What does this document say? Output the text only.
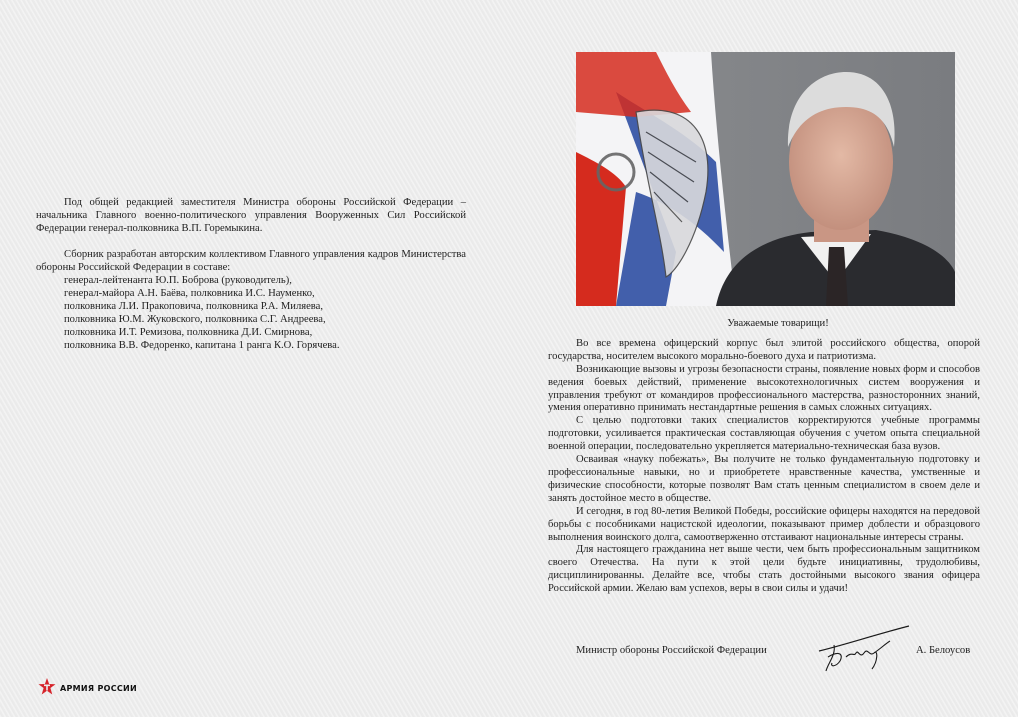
Под общей редакцией заместителя Министра обороны Российской Федерации – начальника Главного военно-политического управления Вооруженных Сил Российской Федерации генерал-полковника В.П. Горемыкина.

Сборник разработан авторским коллективом Главного управления кадров Министерства обороны Российской Федерации в составе:

генерал-лейтенанта Ю.П. Боброва (руководитель),
генерал-майора А.Н. Баёва, полковника И.С. Науменко,
полковника Л.И. Пракоповича, полковника Р.А. Миляева,
полковника Ю.М. Жуковского, полковника С.Г. Андреева,
полковника И.Т. Ремизова, полковника Д.И. Смирнова,
полковника В.В. Федоренко, капитана 1 ранга К.О. Горячева.
АРМИЯ РОССИИ
Уважаемые товарищи!

Во все времена офицерский корпус был элитой российского общества, опорой государства, носителем высокого морально-боевого духа и патриотизма.

Возникающие вызовы и угрозы безопасности страны, появление новых форм и способов ведения боевых действий, применение высокотехнологичных систем вооружения и управления требуют от командиров профессионального мастерства, разносторонних знаний, умения оперативно принимать нестандартные решения в самых сложных ситуациях.

С целью подготовки таких специалистов корректируются учебные программы подготовки, усиливается практическая составляющая обучения с учетом опыта специальной военной операции, последовательно укрепляется материально-техническая база вузов.

Осваивая «науку побежать», Вы получите не только фундаментальную подготовку и профессиональные навыки, но и приобретете нравственные качества, умственные и физические способности, которые позволят Вам стать ценным специалистом в своем деле и занять достойное место в обществе.

И сегодня, в год 80-летия Великой Победы, российские офицеры находятся на передовой борьбы с пособниками нацистской идеологии, показывают пример доблести и образцового выполнения воинского долга, самоотверженно отстаивают национальные интересы страны.

Для настоящего гражданина нет выше чести, чем быть профессиональным защитником своего Отечества. На пути к этой цели будьте инициативны, трудолюбивы, дисциплинированны. Делайте все, чтобы стать достойными высокого звания офицера Российской армии. Желаю вам успехов, веры в свои силы и удачи!

Министр обороны Российской Федерации	А. Белоусов
